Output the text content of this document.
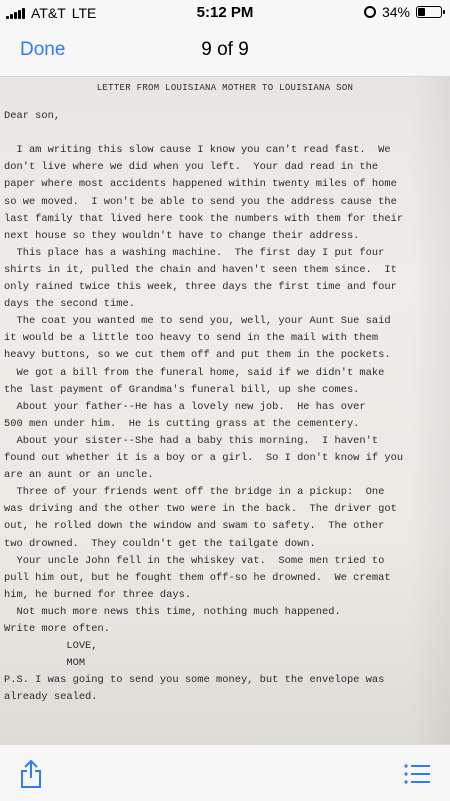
AT&T LTE	5:12 PM	34%
Done	9 of 9
LETTER FROM LOUISIANA MOTHER TO LOUISIANA SON
Dear son,
I am writing this slow cause I know you can't read fast.  We
don't live where we did when you left.  Your dad read in the
paper where most accidents happened within twenty miles of home
so we moved.  I won't be able to send you the address cause the
last family that lived here took the numbers with them for their
next house so they wouldn't have to change their address.
This place has a washing machine.  The first day I put four
shirts in it, pulled the chain and haven't seen them since.  It
only rained twice this week, three days the first time and four
days the second time.
The coat you wanted me to send you, well, your Aunt Sue said
it would be a little too heavy to send in the mail with them
heavy buttons, so we cut them off and put them in the pockets.
We got a bill from the funeral home, said if we didn't make
the last payment of Grandma's funeral bill, up she comes.
About your father--He has a lovely new job.  He has over
500 men under him.  He is cutting grass at the cementery.
About your sister--She had a baby this morning.  I haven't
found out whether it is a boy or a girl.  So I don't know if you
are an aunt or an uncle.
Three of your friends went off the bridge in a pickup:  One
was driving and the other two were in the back.  The driver got
out, he rolled down the window and swam to safety.  The other
two drowned.  They couldn't get the tailgate down.
Your uncle John fell in the whiskey vat.  Some men tried to
pull him out, but he fought them off-so he drowned.  We cremat
him, he burned for three days.
Not much more news this time, nothing much happened.
Write more often.
LOVE,
MOM
P.S. I was going to send you some money, but the envelope was
already sealed.
